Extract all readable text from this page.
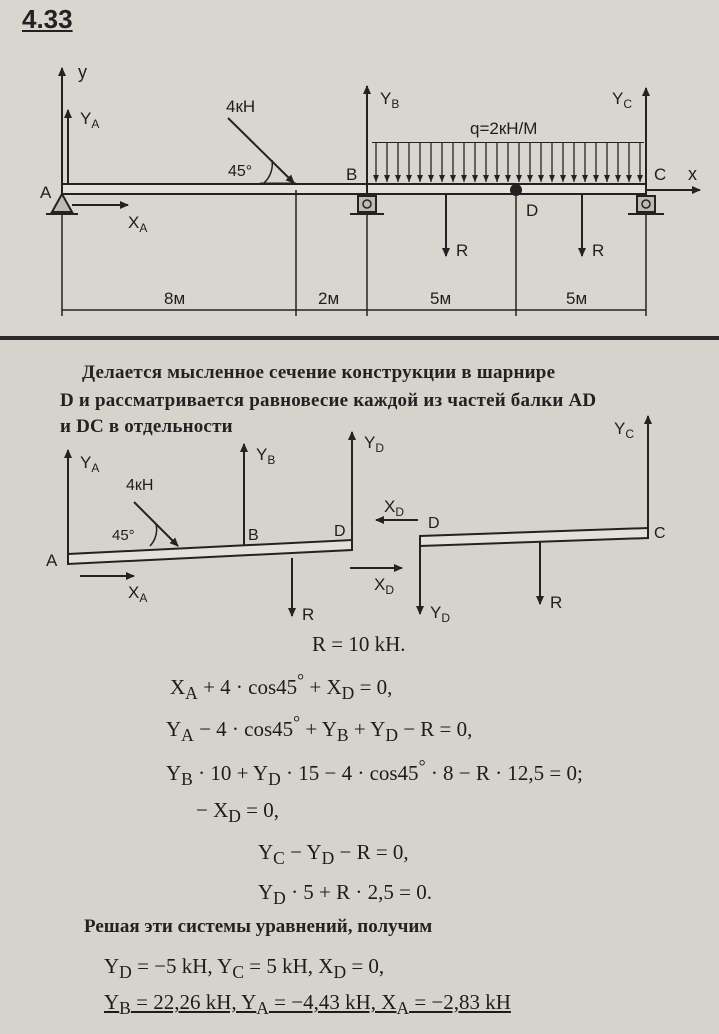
4.33
y
$Y_A$
x
$X_A$
A
4кН
45°
$Y_B$
B
q=2кН/М
$Y_C$
C
D
R	R
8м	2м	5м	5м
Делается мысленное сечение конструкции в шарнире
D и рассматривается равновесие каждой из частей балки AD
и DC в отдельности
$Y_A$
A
$X_A$
4кН
45°
$Y_B$
B
$Y_D$
D
R
$X_D$
$Y_D$
$X_D$
D
C
$Y_C$
R
R = 10 kH.
$X_A + 4 \cdot \cos 45^\circ + X_D = 0$,
$Y_A - 4 \cdot \cos 45^\circ + Y_B + Y_D - R = 0$,
$Y_B \cdot 10 + Y_D \cdot 15 - 4 \cdot \cos 45^\circ \cdot 8 - R \cdot 12,5 = 0$;
− $X_D = 0$,
$Y_C - Y_D - R = 0$,
$Y_D \cdot 5 + R \cdot 2,5 = 0$.
Решая эти системы уравнений, получим
$Y_D = -5$ kH, $Y_C = 5$ kH, $X_D = 0$,
$Y_B = 22,26$ kH, $Y_A = -4,43$ kH, $X_A = -2,83$ kH
